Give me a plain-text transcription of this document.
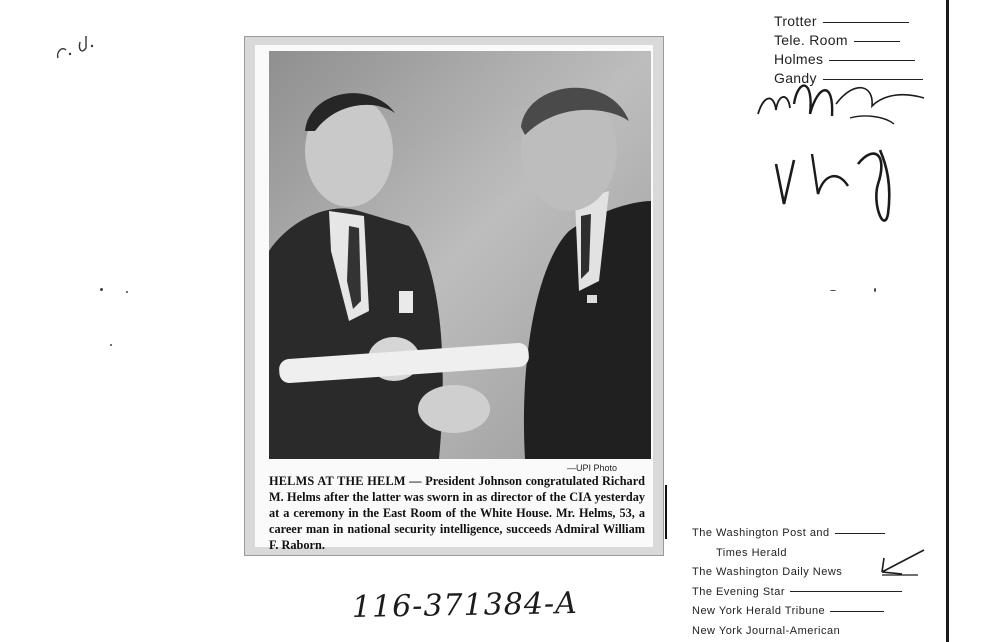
—UPI Photo
HELMS AT THE HELM — President Johnson congratulated Richard M. Helms after the latter was sworn in as director of the CIA yesterday at a ceremony in the East Room of the White House. Mr. Helms, 53, a career man in national security intelligence, succeeds Admiral William F. Raborn.
Trotter
Tele. Room
Holmes
Gandy
The Washington Post and
Times Herald
The Washington Daily News
The Evening Star
New York Herald Tribune
New York Journal-American
116-371384-A
